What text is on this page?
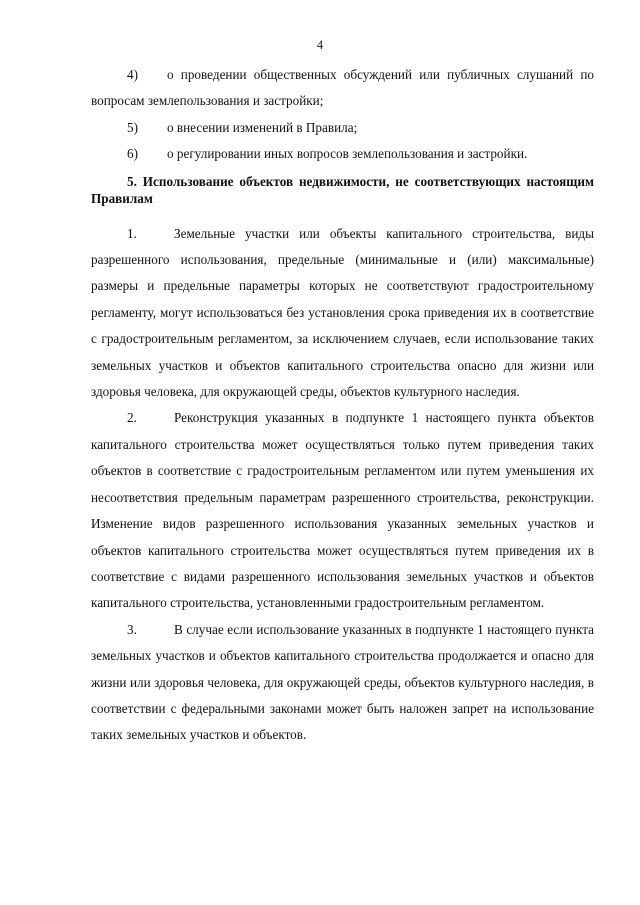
4

4) о проведении общественных обсуждений или публичных слушаний по вопросам землепользования и застройки;

5) о внесении изменений в Правила;

6) о регулировании иных вопросов землепользования и застройки.

5. Использование объектов недвижимости, не соответствующих настоящим Правилам

1.	Земельные участки или объекты капитального строительства, виды разрешенного использования, предельные (минимальные и (или) максимальные) размеры и предельные параметры которых не соответствуют градостроительному регламенту, могут использоваться без установления срока приведения их в соответствие с градостроительным регламентом, за исключением случаев, если использование таких земельных участков и объектов капитального строительства опасно для жизни или здоровья человека, для окружающей среды, объектов культурного наследия.

2.	Реконструкция указанных в подпункте 1 настоящего пункта объектов капитального строительства может осуществляться только путем приведения таких объектов в соответствие с градостроительным регламентом или путем уменьшения их несоответствия предельным параметрам разрешенного строительства, реконструкции. Изменение видов разрешенного использования указанных земельных участков и объектов капитального строительства может осуществляться путем приведения их в соответствие с видами разрешенного использования земельных участков и объектов капитального строительства, установленными градостроительным регламентом.

3.	В случае если использование указанных в подпункте 1 настоящего пункта земельных участков и объектов капитального строительства продолжается и опасно для жизни или здоровья человека, для окружающей среды, объектов культурного наследия, в соответствии с федеральными законами может быть наложен запрет на использование таких земельных участков и объектов.
